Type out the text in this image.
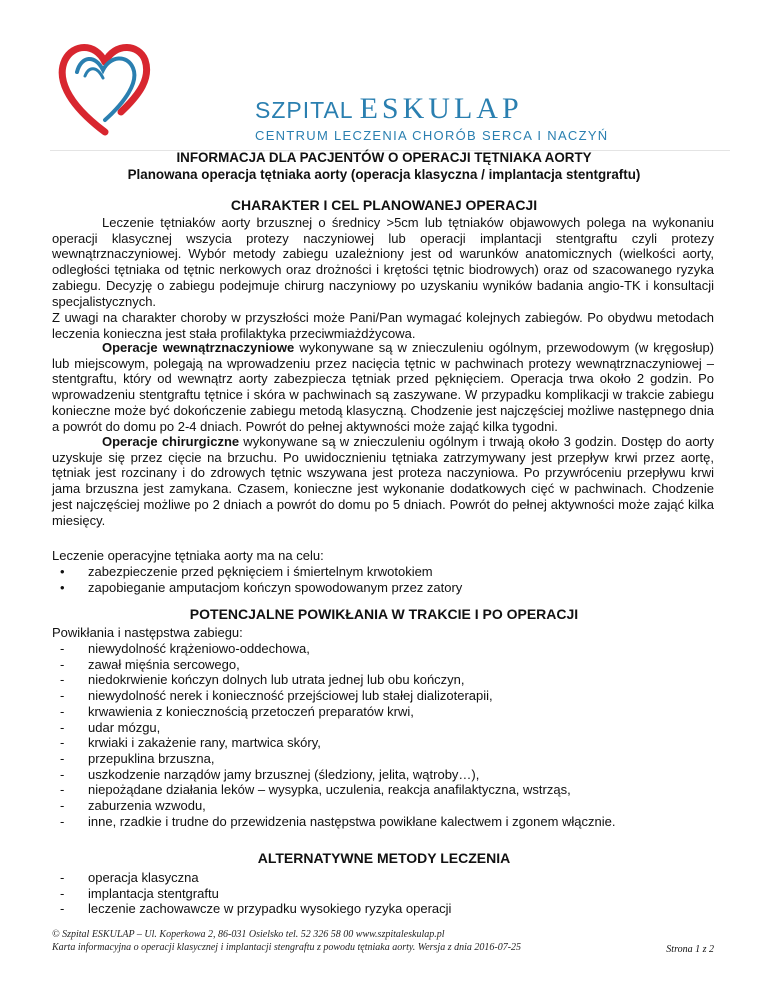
SZPITAL ESKULAP
CENTRUM LECZENIA CHORÓB SERCA I NACZYŃ
INFORMACJA DLA PACJENTÓW O OPERACJI TĘTNIAKA AORTY
Planowana operacja tętniaka aorty (operacja klasyczna / implantacja stentgraftu)
CHARAKTER I CEL PLANOWANEJ OPERACJI
Leczenie tętniaków aorty brzusznej o średnicy >5cm lub tętniaków objawowych polega na wykonaniu operacji klasycznej wszycia protezy naczyniowej lub operacji implantacji stentgraftu czyli protezy wewnątrznaczyniowej. Wybór metody zabiegu uzależniony jest od warunków anatomicznych (wielkości aorty, odległości tętniaka od tętnic nerkowych oraz drożności i krętości tętnic biodrowych) oraz od szacowanego ryzyka zabiegu. Decyzję o zabiegu podejmuje chirurg naczyniowy po uzyskaniu wyników badania angio-TK i konsultacji specjalistycznych.
Z uwagi na charakter choroby w przyszłości może Pani/Pan wymagać kolejnych zabiegów. Po obydwu metodach leczenia konieczna jest stała profilaktyka przeciwmiażdżycowa.
Operacje wewnątrznaczyniowe wykonywane są w znieczuleniu ogólnym, przewodowym (w kręgosłup) lub miejscowym, polegają na wprowadzeniu przez nacięcia tętnic w pachwinach protezy wewnątrznaczyniowej – stentgraftu, który od wewnątrz aorty zabezpiecza tętniak przed pęknięciem. Operacja trwa około 2 godzin. Po wprowadzeniu stentgraftu tętnice i skóra w pachwinach są zaszywane. W przypadku komplikacji w trakcie zabiegu konieczne może być dokończenie zabiegu metodą klasyczną. Chodzenie jest najczęściej możliwe następnego dnia a powrót do domu po 2-4 dniach. Powrót do pełnej aktywności może zająć kilka tygodni.
Operacje chirurgiczne wykonywane są w znieczuleniu ogólnym i trwają około 3 godzin. Dostęp do aorty uzyskuje się przez cięcie na brzuchu. Po uwidocznieniu tętniaka zatrzymywany jest przepływ krwi przez aortę, tętniak jest rozcinany i do zdrowych tętnic wszywana jest proteza naczyniowa. Po przywróceniu przepływu krwi jama brzuszna jest zamykana. Czasem, konieczne jest wykonanie dodatkowych cięć w pachwinach. Chodzenie jest najczęściej możliwe po 2 dniach a powrót do domu po 5 dniach. Powrót do pełnej aktywności może zająć kilka miesięcy.
Leczenie operacyjne tętniaka aorty ma na celu:
• zabezpieczenie przed pęknięciem i śmiertelnym krwotokiem
• zapobieganie amputacjom kończyn spowodowanym przez zatory
POTENCJALNE POWIKŁANIA W TRAKCIE I PO OPERACJI
Powikłania i następstwa zabiegu:
- niewydolność krążeniowo-oddechowa,
- zawał mięśnia sercowego,
- niedokrwienie kończyn dolnych lub utrata jednej lub obu kończyn,
- niewydolność nerek i konieczność przejściowej lub stałej dializoterapii,
- krwawienia z koniecznością przetoczeń preparatów krwi,
- udar mózgu,
- krwiaki i zakażenie rany, martwica skóry,
- przepuklina brzuszna,
- uszkodzenie narządów jamy brzusznej (śledziony, jelita, wątroby…),
- niepożądane działania leków – wysypka, uczulenia, reakcja anafilaktyczna, wstrząs,
- zaburzenia wzwodu,
- inne, rzadkie i trudne do przewidzenia następstwa powikłane kalectwem i zgonem włącznie.
ALTERNATYWNE METODY LECZENIA
- operacja klasyczna
- implantacja stentgraftu
- leczenie zachowawcze w przypadku wysokiego ryzyka operacji
© Szpital ESKULAP – Ul. Koperkowa 2, 86-031 Osielsko tel. 52 326 58 00 www.szpitaleskulap.pl
Karta informacyjna o operacji klasycznej i implantacji stengraftu z powodu tętniaka aorty. Wersja z dnia 2016-07-25	Strona 1 z 2
